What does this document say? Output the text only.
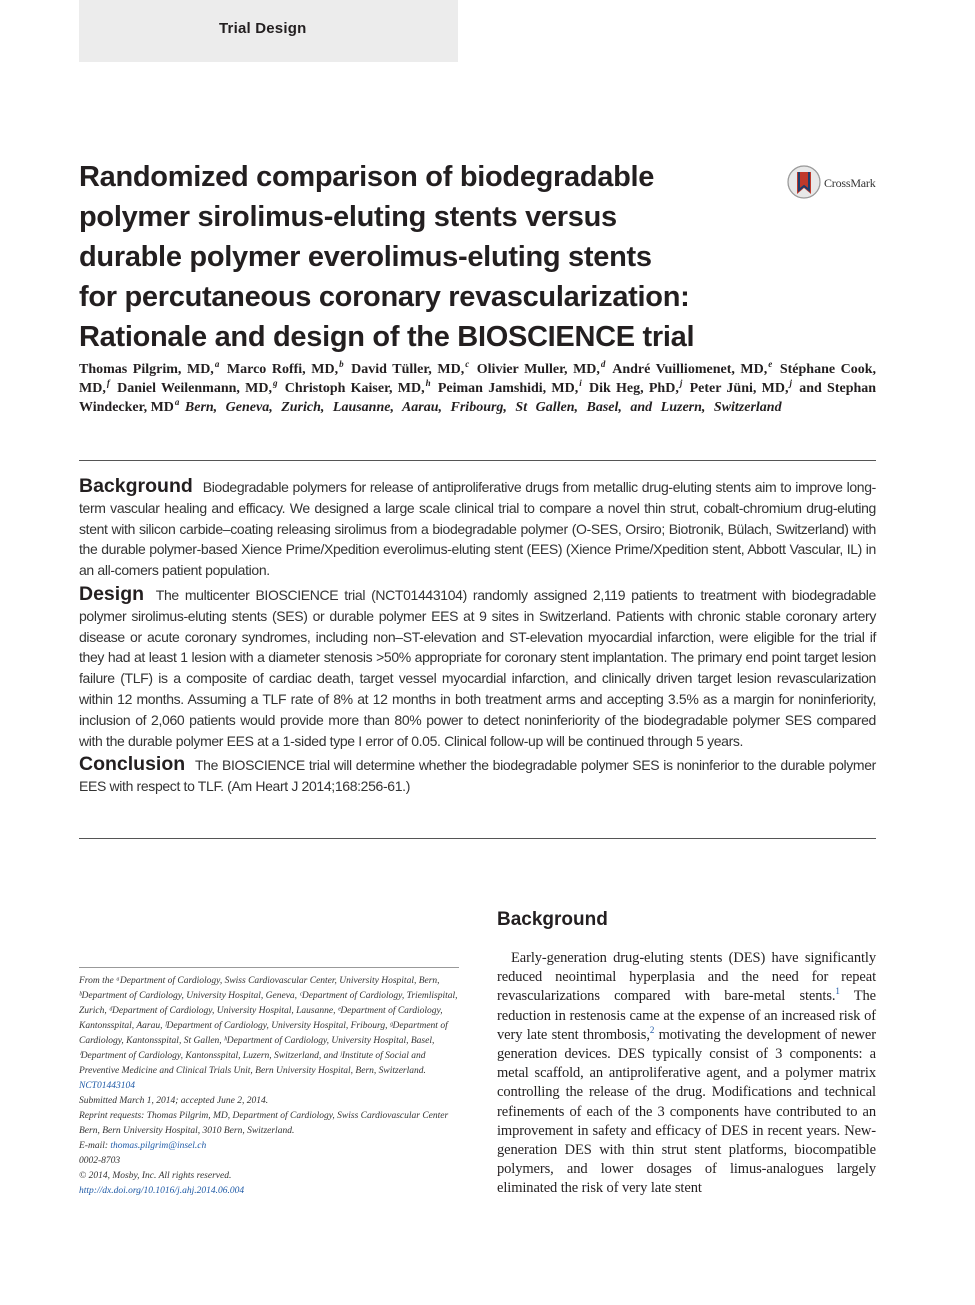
Trial Design
Randomized comparison of biodegradable
polymer sirolimus-eluting stents versus
durable polymer everolimus-eluting stents
for percutaneous coronary revascularization:
Rationale and design of the BIOSCIENCE trial
CrossMark

Thomas Pilgrim, MD,$^a$ Marco Roffi, MD,$^b$ David Tüller, MD,$^c$ Olivier Muller, MD,$^d$ André Vuilliomenet, MD,$^e$ Stéphane Cook, MD,$^f$ Daniel Weilenmann, MD,$^g$ Christoph Kaiser, MD,$^h$ Peiman Jamshidi, MD,$^i$ Dik Heg, PhD,$^j$ Peter Jüni, MD,$^j$ and Stephan Windecker, $MD^a$ Bern, Geneva, Zurich, Lausanne, Aarau, Fribourg, St Gallen, Basel, and Luzern, Switzerland

Background Biodegradable polymers for release of antiproliferative drugs from metallic drug-eluting stents aim to improve long-term vascular healing and efficacy. We designed a large scale clinical trial to compare a novel thin strut, cobalt-chromium drug-eluting stent with silicon carbide–coating releasing sirolimus from a biodegradable polymer (O-SES, Orsiro; Biotronik, Bülach, Switzerland) with the durable polymer-based Xience Prime/Xpedition everolimus-eluting stent (EES) (Xience Prime/Xpedition stent, Abbott Vascular, IL) in an all-comers patient population.

Design The multicenter BIOSCIENCE trial (NCT01443104) randomly assigned 2,119 patients to treatment with biodegradable polymer sirolimus-eluting stents (SES) or durable polymer EES at 9 sites in Switzerland. Patients with chronic stable coronary artery disease or acute coronary syndromes, including non–ST-elevation and ST-elevation myocardial infarction, were eligible for the trial if they had at least 1 lesion with a diameter stenosis >50% appropriate for coronary stent implantation. The primary end point target lesion failure (TLF) is a composite of cardiac death, target vessel myocardial infarction, and clinically driven target lesion revascularization within 12 months. Assuming a TLF rate of 8% at 12 months in both treatment arms and accepting 3.5% as a margin for noninferiority, inclusion of 2,060 patients would provide more than 80% power to detect noninferiority of the biodegradable polymer SES compared with the durable polymer EES at a 1-sided type I error of 0.05. Clinical follow-up will be continued through 5 years.

Conclusion The BIOSCIENCE trial will determine whether the biodegradable polymer SES is noninferior to the durable polymer EES with respect to TLF. (Am Heart J 2014;168:256-61.)

From the ᵃDepartment of Cardiology, Swiss Cardiovascular Center, University Hospital, Bern, ᵇDepartment of Cardiology, University Hospital, Geneva, ᶜDepartment of Cardiology, Triemlispital, Zurich, ᵈDepartment of Cardiology, University Hospital, Lausanne, ᵉDepartment of Cardiology, Kantonsspital, Aarau, ᶠDepartment of Cardiology, University Hospital, Fribourg, ᵍDepartment of Cardiology, Kantonsspital, St Gallen, ʰDepartment of Cardiology, University Hospital, Basel, ⁱDepartment of Cardiology, Kantonsspital, Luzern, Switzerland, and ʲInstitute of Social and Preventive Medicine and Clinical Trials Unit, Bern University Hospital, Bern, Switzerland.
NCT01443104
Submitted March 1, 2014; accepted June 2, 2014.
Reprint requests: Thomas Pilgrim, MD, Department of Cardiology, Swiss Cardiovascular Center Bern, Bern University Hospital, 3010 Bern, Switzerland.
E-mail: thomas.pilgrim@insel.ch
0002-8703
© 2014, Mosby, Inc. All rights reserved.
http://dx.doi.org/10.1016/j.ahj.2014.06.004
Background

Early-generation drug-eluting stents (DES) have significantly reduced neointimal hyperplasia and the need for repeat revascularizations compared with bare-metal stents.$^1$ The reduction in restenosis came at the expense of an increased risk of very late stent thrombosis,$^2$ motivating the development of newer generation devices. DES typically consist of 3 components: a metal scaffold, an antiproliferative agent, and a polymer matrix controlling the release of the drug. Modifications and technical refinements of each of the 3 components have contributed to an improvement in safety and efficacy of DES in recent years. New-generation DES with thin strut stent platforms, biocompatible polymers, and lower dosages of limus-analogues largely eliminated the risk of very late stent
